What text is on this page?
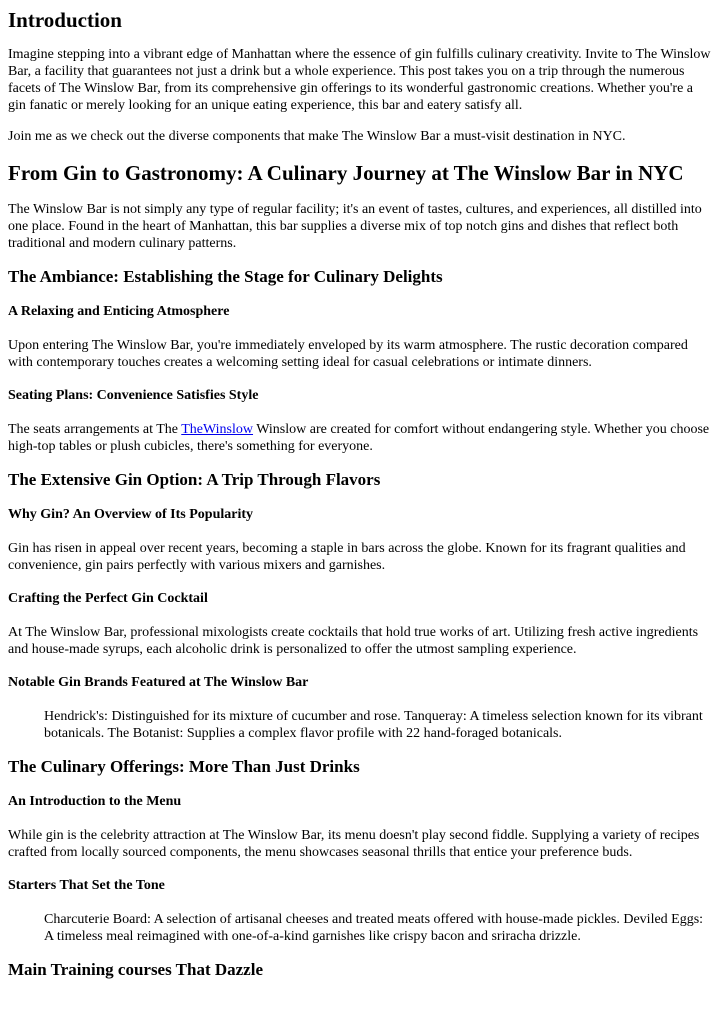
Introduction

Imagine stepping into a vibrant edge of Manhattan where the essence of gin fulfills culinary creativity. Invite to The Winslow Bar, a facility that guarantees not just a drink but a whole experience. This post takes you on a trip through the numerous facets of The Winslow Bar, from its comprehensive gin offerings to its wonderful gastronomic creations. Whether you're a gin fanatic or merely looking for an unique eating experience, this bar and eatery satisfy all.

Join me as we check out the diverse components that make The Winslow Bar a must-visit destination in NYC.

From Gin to Gastronomy: A Culinary Journey at The Winslow Bar in NYC

The Winslow Bar is not simply any type of regular facility; it's an event of tastes, cultures, and experiences, all distilled into one place. Found in the heart of Manhattan, this bar supplies a diverse mix of top notch gins and dishes that reflect both traditional and modern culinary patterns.

The Ambiance: Establishing the Stage for Culinary Delights
A Relaxing and Enticing Atmosphere

Upon entering The Winslow Bar, you're immediately enveloped by its warm atmosphere. The rustic decoration compared with contemporary touches creates a welcoming setting ideal for casual celebrations or intimate dinners.

Seating Plans: Convenience Satisfies Style

The seats arrangements at The TheWinslow Winslow are created for comfort without endangering style. Whether you choose high-top tables or plush cubicles, there's something for everyone.

The Extensive Gin Option: A Trip Through Flavors
Why Gin? An Overview of Its Popularity

Gin has risen in appeal over recent years, becoming a staple in bars across the globe. Known for its fragrant qualities and convenience, gin pairs perfectly with various mixers and garnishes.

Crafting the Perfect Gin Cocktail

At The Winslow Bar, professional mixologists create cocktails that hold true works of art. Utilizing fresh active ingredients and house-made syrups, each alcoholic drink is personalized to offer the utmost sampling experience.

Notable Gin Brands Featured at The Winslow Bar
Hendrick's: Distinguished for its mixture of cucumber and rose. Tanqueray: A timeless selection known for its vibrant botanicals. The Botanist: Supplies a complex flavor profile with 22 hand-foraged botanicals.
The Culinary Offerings: More Than Just Drinks
An Introduction to the Menu

While gin is the celebrity attraction at The Winslow Bar, its menu doesn't play second fiddle. Supplying a variety of recipes crafted from locally sourced components, the menu showcases seasonal thrills that entice your preference buds.

Starters That Set the Tone
Charcuterie Board: A selection of artisanal cheeses and treated meats offered with house-made pickles. Deviled Eggs: A timeless meal reimagined with one-of-a-kind garnishes like crispy bacon and sriracha drizzle.
Main Training courses That Dazzle
